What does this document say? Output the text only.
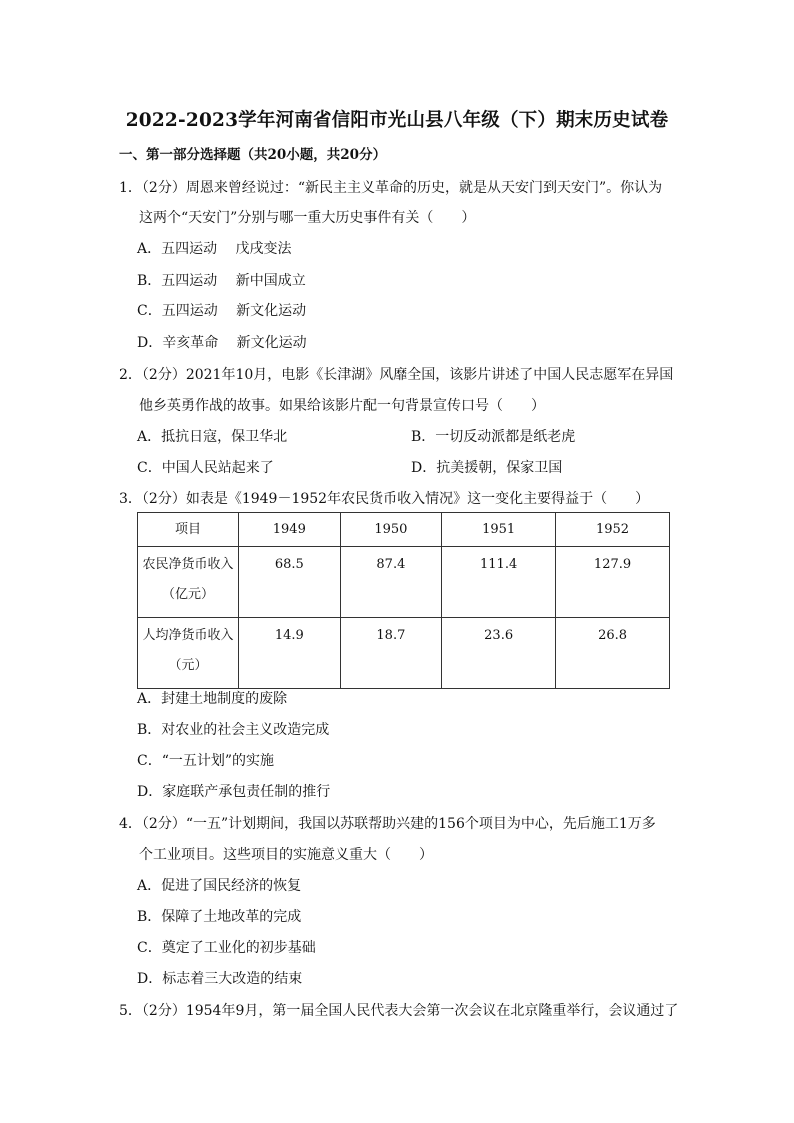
2022-2023学年河南省信阳市光山县八年级（下）期末历史试卷
一、第一部分选择题（共20小题，共20分）
1．（2分）周恩来曾经说过：“新民主主义革命的历史，就是从天安门到天安门”。你认为
这两个“天安门”分别与哪一重大历史事件有关（　　）
A．五四运动　 戊戌变法
B．五四运动　 新中国成立
C．五四运动　 新文化运动
D．辛亥革命　 新文化运动
2．（2分）2021年10月，电影《长津湖》风靡全国，该影片讲述了中国人民志愿军在异国
他乡英勇作战的故事。如果给该影片配一句背景宣传口号（　　）
A．抵抗日寇，保卫华北	B．一切反动派都是纸老虎
C．中国人民站起来了	D．抗美援朝，保家卫国
3．（2分）如表是《1949－1952年农民货币收入情况》这一变化主要得益于（　　）
项目	1949	1950	1951	1952

农民净货币收入
（亿元）	68.5	87.4	111.4	127.9

人均净货币收入
（元）	14.9	18.7	23.6	26.8
A．封建土地制度的废除
B．对农业的社会主义改造完成
C．“一五计划”的实施
D．家庭联产承包责任制的推行
4．（2分）“一五”计划期间，我国以苏联帮助兴建的156个项目为中心，先后施工1万多
个工业项目。这些项目的实施意义重大（　　）
A．促进了国民经济的恢复
B．保障了土地改革的完成
C．奠定了工业化的初步基础
D．标志着三大改造的结束
5．（2分）1954年9月，第一届全国人民代表大会第一次会议在北京隆重举行，会议通过了
